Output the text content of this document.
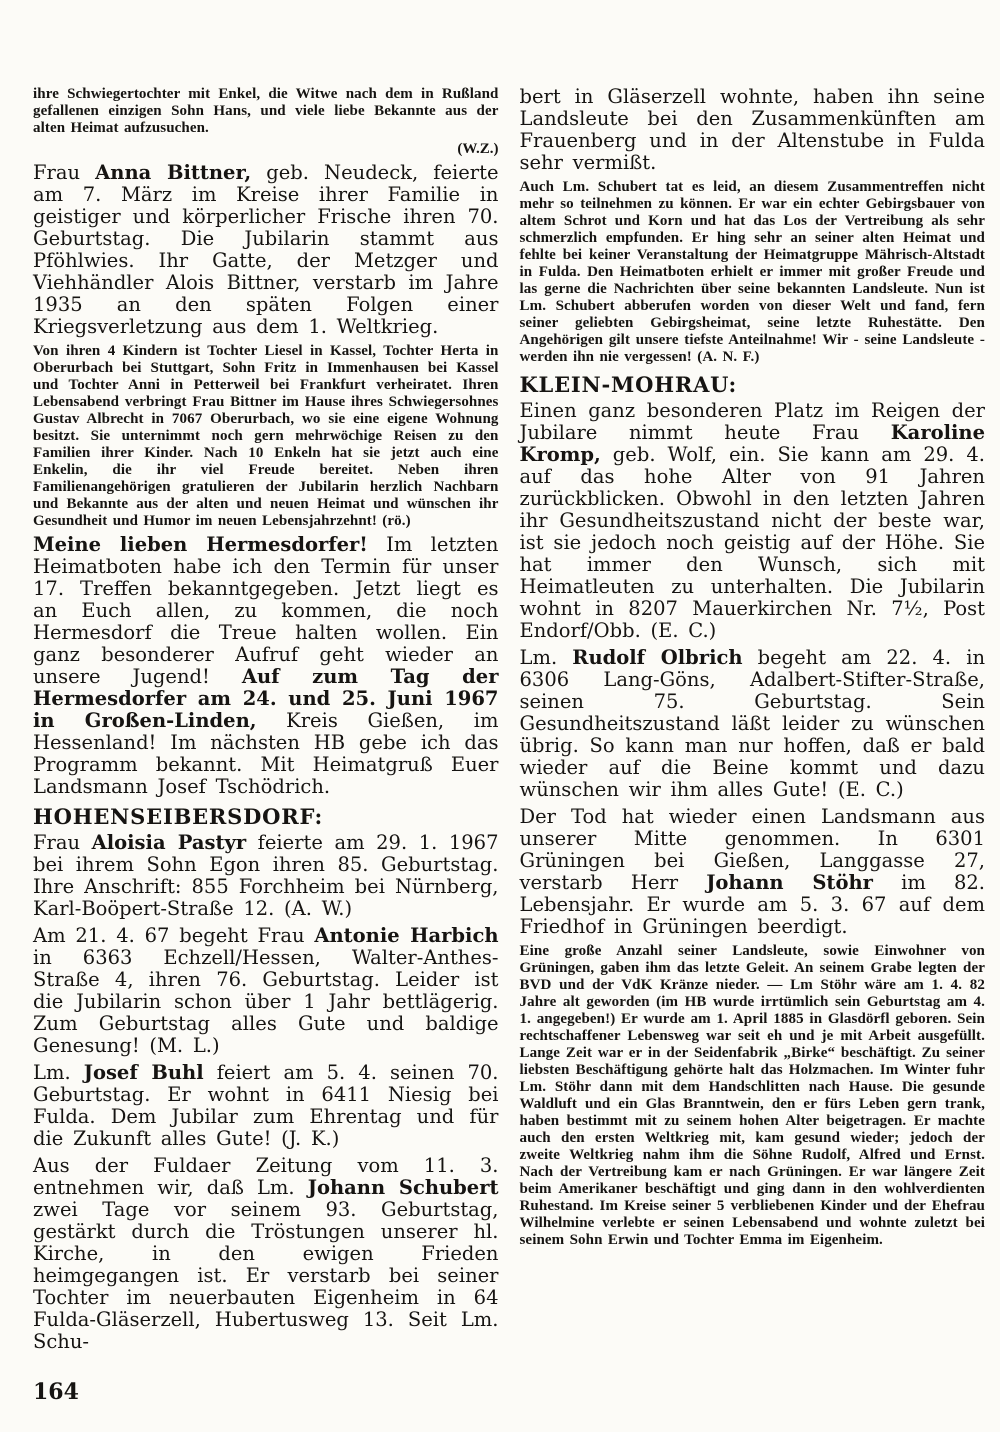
ihre Schwiegertochter mit Enkel, die Witwe nach dem in Rußland gefallenen einzigen Sohn Hans, und viele liebe Bekannte aus der alten Heimat aufzusuchen.

(W.Z.)

Frau Anna Bittner, geb. Neudeck, feierte am 7. März im Kreise ihrer Familie in geistiger und körperlicher Frische ihren 70. Geburtstag. Die Jubilarin stammt aus Pföhlwies. Ihr Gatte, der Metzger und Viehhändler Alois Bittner, verstarb im Jahre 1935 an den späten Folgen einer Kriegsverletzung aus dem 1. Weltkrieg.

Von ihren 4 Kindern ist Tochter Liesel in Kassel, Tochter Herta in Oberurbach bei Stuttgart, Sohn Fritz in Immenhausen bei Kassel und Tochter Anni in Petterweil bei Frankfurt verheiratet. Ihren Lebensabend verbringt Frau Bittner im Hause ihres Schwiegersohnes Gustav Albrecht in 7067 Oberurbach, wo sie eine eigene Wohnung besitzt. Sie unternimmt noch gern mehrwöchige Reisen zu den Familien ihrer Kinder. Nach 10 Enkeln hat sie jetzt auch eine Enkelin, die ihr viel Freude bereitet. Neben ihren Familienangehörigen gratulieren der Jubilarin herzlich Nachbarn und Bekannte aus der alten und neuen Heimat und wünschen ihr Gesundheit und Humor im neuen Lebensjahrzehnt! (rö.)

Meine lieben Hermesdorfer! Im letzten Heimatboten habe ich den Termin für unser 17. Treffen bekanntgegeben. Jetzt liegt es an Euch allen, zu kommen, die noch Hermesdorf die Treue halten wollen. Ein ganz besonderer Aufruf geht wieder an unsere Jugend! Auf zum Tag der Hermesdorfer am 24. und 25. Juni 1967 in Großen-Linden, Kreis Gießen, im Hessenland! Im nächsten HB gebe ich das Programm bekannt. Mit Heimatgruß Euer Landsmann Josef Tschödrich.

HOHENSEIBERSDORF:

Frau Aloisia Pastyr feierte am 29. 1. 1967 bei ihrem Sohn Egon ihren 85. Geburtstag. Ihre Anschrift: 855 Forchheim bei Nürnberg, Karl-Boöpert-Straße 12. (A. W.)

Am 21. 4. 67 begeht Frau Antonie Harbich in 6363 Echzell/Hessen, Walter-Anthes-Straße 4, ihren 76. Geburtstag. Leider ist die Jubilarin schon über 1 Jahr bettlägerig. Zum Geburtstag alles Gute und baldige Genesung! (M. L.)

Lm. Josef Buhl feiert am 5. 4. seinen 70. Geburtstag. Er wohnt in 6411 Niesig bei Fulda. Dem Jubilar zum Ehrentag und für die Zukunft alles Gute! (J. K.)

Aus der Fuldaer Zeitung vom 11. 3. entnehmen wir, daß Lm. Johann Schubert zwei Tage vor seinem 93. Geburtstag, gestärkt durch die Tröstungen unserer hl. Kirche, in den ewigen Frieden heimgegangen ist. Er verstarb bei seiner Tochter im neuerbauten Eigenheim in 64 Fulda-Gläserzell, Hubertusweg 13. Seit Lm. Schu-

164

bert in Gläserzell wohnte, haben ihn seine Landsleute bei den Zusammenkünften am Frauenberg und in der Altenstube in Fulda sehr vermißt.

Auch Lm. Schubert tat es leid, an diesem Zusammentreffen nicht mehr so teilnehmen zu können. Er war ein echter Gebirgsbauer von altem Schrot und Korn und hat das Los der Vertreibung als sehr schmerzlich empfunden. Er hing sehr an seiner alten Heimat und fehlte bei keiner Veranstaltung der Heimatgruppe Mährisch-Altstadt in Fulda. Den Heimatboten erhielt er immer mit großer Freude und las gerne die Nachrichten über seine bekannten Landsleute. Nun ist Lm. Schubert abberufen worden von dieser Welt und fand, fern seiner geliebten Gebirgsheimat, seine letzte Ruhestätte. Den Angehörigen gilt unsere tiefste Anteilnahme! Wir - seine Landsleute - werden ihn nie vergessen! (A. N. F.)

KLEIN-MOHRAU:

Einen ganz besonderen Platz im Reigen der Jubilare nimmt heute Frau Karoline Kromp, geb. Wolf, ein. Sie kann am 29. 4. auf das hohe Alter von 91 Jahren zurückblicken. Obwohl in den letzten Jahren ihr Gesundheitszustand nicht der beste war, ist sie jedoch noch geistig auf der Höhe. Sie hat immer den Wunsch, sich mit Heimatleuten zu unterhalten. Die Jubilarin wohnt in 8207 Mauerkirchen Nr. 7½, Post Endorf/Obb. (E. C.)

Lm. Rudolf Olbrich begeht am 22. 4. in 6306 Lang-Göns, Adalbert-Stifter-Straße, seinen 75. Geburtstag. Sein Gesundheitszustand läßt leider zu wünschen übrig. So kann man nur hoffen, daß er bald wieder auf die Beine kommt und dazu wünschen wir ihm alles Gute! (E. C.)

Der Tod hat wieder einen Landsmann aus unserer Mitte genommen. In 6301 Grüningen bei Gießen, Langgasse 27, verstarb Herr Johann Stöhr im 82. Lebensjahr. Er wurde am 5. 3. 67 auf dem Friedhof in Grüningen beerdigt.

Eine große Anzahl seiner Landsleute, sowie Einwohner von Grüningen, gaben ihm das letzte Geleit. An seinem Grabe legten der BVD und der VdK Kränze nieder. — Lm Stöhr wäre am 1. 4. 82 Jahre alt geworden (im HB wurde irrtümlich sein Geburtstag am 4. 1. angegeben!) Er wurde am 1. April 1885 in Glasdörfl geboren. Sein rechtschaffener Lebensweg war seit eh und je mit Arbeit ausgefüllt. Lange Zeit war er in der Seidenfabrik „Birke“ beschäftigt. Zu seiner liebsten Beschäftigung gehörte halt das Holzmachen. Im Winter fuhr Lm. Stöhr dann mit dem Handschlitten nach Hause. Die gesunde Waldluft und ein Glas Branntwein, den er fürs Leben gern trank, haben bestimmt mit zu seinem hohen Alter beigetragen. Er machte auch den ersten Weltkrieg mit, kam gesund wieder; jedoch der zweite Weltkrieg nahm ihm die Söhne Rudolf, Alfred und Ernst. Nach der Vertreibung kam er nach Grüningen. Er war längere Zeit beim Amerikaner beschäftigt und ging dann in den wohlverdienten Ruhestand. Im Kreise seiner 5 verbliebenen Kinder und der Ehefrau Wilhelmine verlebte er seinen Lebensabend und wohnte zuletzt bei seinem Sohn Erwin und Tochter Emma im Eigenheim.
